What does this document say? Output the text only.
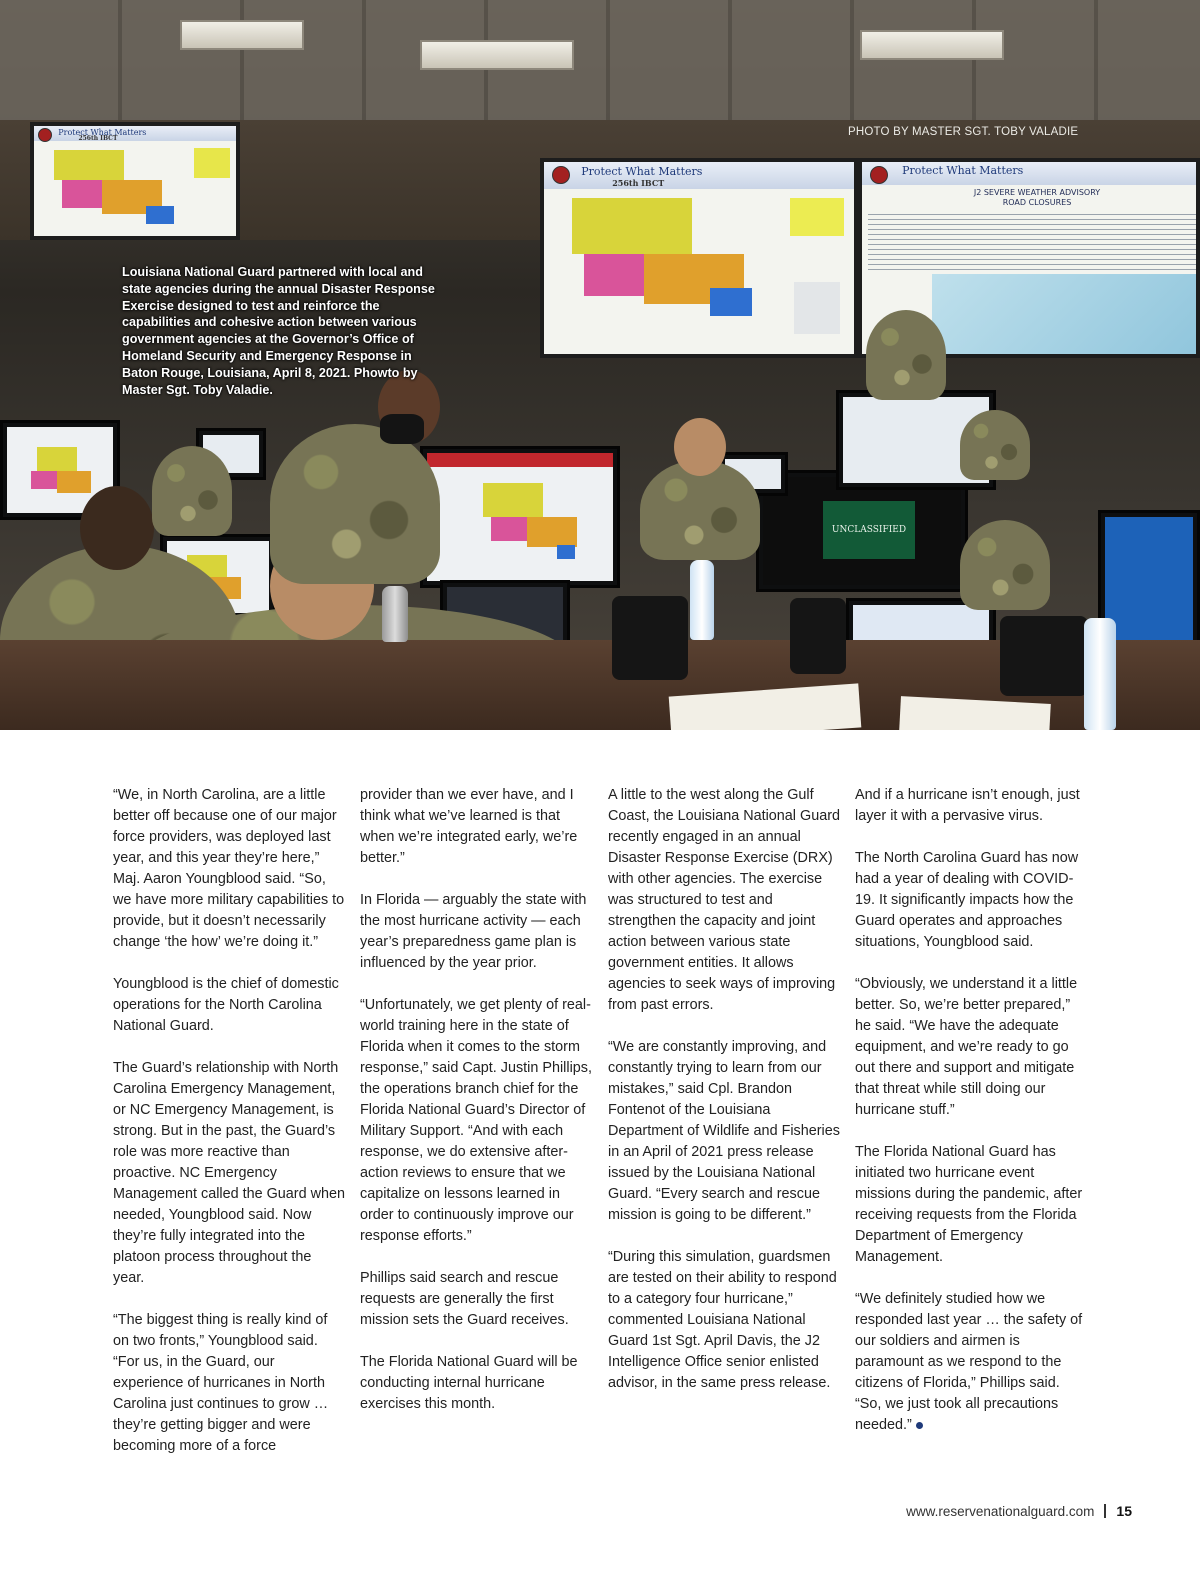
Protect What Matters
256th IBCT
Protect What Matters
256th IBCT
Protect What Matters
J2 SEVERE WEATHER ADVISORY ROAD CLOSURES
UNCLASSIFIED
PHOTO BY MASTER SGT. TOBY VALADIE
Louisiana National Guard partnered with local and state agencies during the annual Disaster Response Exercise designed to test and reinforce the capabilities and cohesive action between various government agencies at the Governor’s Office of Homeland Security and Emergency Response in Baton Rouge, Louisiana, April 8, 2021. Phowto by Master Sgt. Toby Valadie.

“We, in North Carolina, are a little better off because one of our major force providers, was deployed last year, and this year they’re here,” Maj. Aaron Youngblood said. “So, we have more military capabilities to provide, but it doesn’t necessarily change ‘the how’ we’re doing it.”

Youngblood is the chief of domestic operations for the North Carolina National Guard.

The Guard’s relationship with North Carolina Emergency Management, or NC Emergency Management, is strong. But in the past, the Guard’s role was more reactive than proactive. NC Emergency Management called the Guard when needed, Youngblood said. Now they’re fully integrated into the platoon process throughout the year.

“The biggest thing is really kind of on two fronts,” Youngblood said. “For us, in the Guard, our experience of hurricanes in North Carolina just continues to grow … they’re getting bigger and were becoming more of a force

provider than we ever have, and I think what we’ve learned is that when we’re integrated early, we’re better.”

In Florida — arguably the state with the most hurricane activity — each year’s preparedness game plan is influenced by the year prior.

“Unfortunately, we get plenty of real-world training here in the state of Florida when it comes to the storm response,” said Capt. Justin Phillips, the operations branch chief for the Florida National Guard’s Director of Military Support. “And with each response, we do extensive after-action reviews to ensure that we capitalize on lessons learned in order to continuously improve our response efforts.”

Phillips said search and rescue requests are generally the first mission sets the Guard receives.

The Florida National Guard will be conducting internal hurricane exercises this month.

A little to the west along the Gulf Coast, the Louisiana National Guard recently engaged in an annual Disaster Response Exercise (DRX) with other agencies. The exercise was structured to test and strengthen the capacity and joint action between various state government entities. It allows agencies to seek ways of improving from past errors.

“We are constantly improving, and constantly trying to learn from our mistakes,” said Cpl. Brandon Fontenot of the Louisiana Department of Wildlife and Fisheries in an April of 2021 press release issued by the Louisiana National Guard. “Every search and rescue mission is going to be different.”

“During this simulation, guardsmen are tested on their ability to respond to a category four hurricane,” commented Louisiana National Guard 1st Sgt. April Davis, the J2 Intelligence Office senior enlisted advisor, in the same press release.

And if a hurricane isn’t enough, just layer it with a pervasive virus.

The North Carolina Guard has now had a year of dealing with COVID-19. It significantly impacts how the Guard operates and approaches situations, Youngblood said.

“Obviously, we understand it a little better. So, we’re better prepared,” he said. “We have the adequate equipment, and we’re ready to go out there and support and mitigate that threat while still doing our hurricane stuff.”

The Florida National Guard has initiated two hurricane event missions during the pandemic, after receiving requests from the Florida Department of Emergency Management.

“We definitely studied how we responded last year … the safety of our soldiers and airmen is paramount as we respond to the citizens of Florida,” Phillips said. “So, we just took all precautions needed.”

www.reservenationalguard.com 15
